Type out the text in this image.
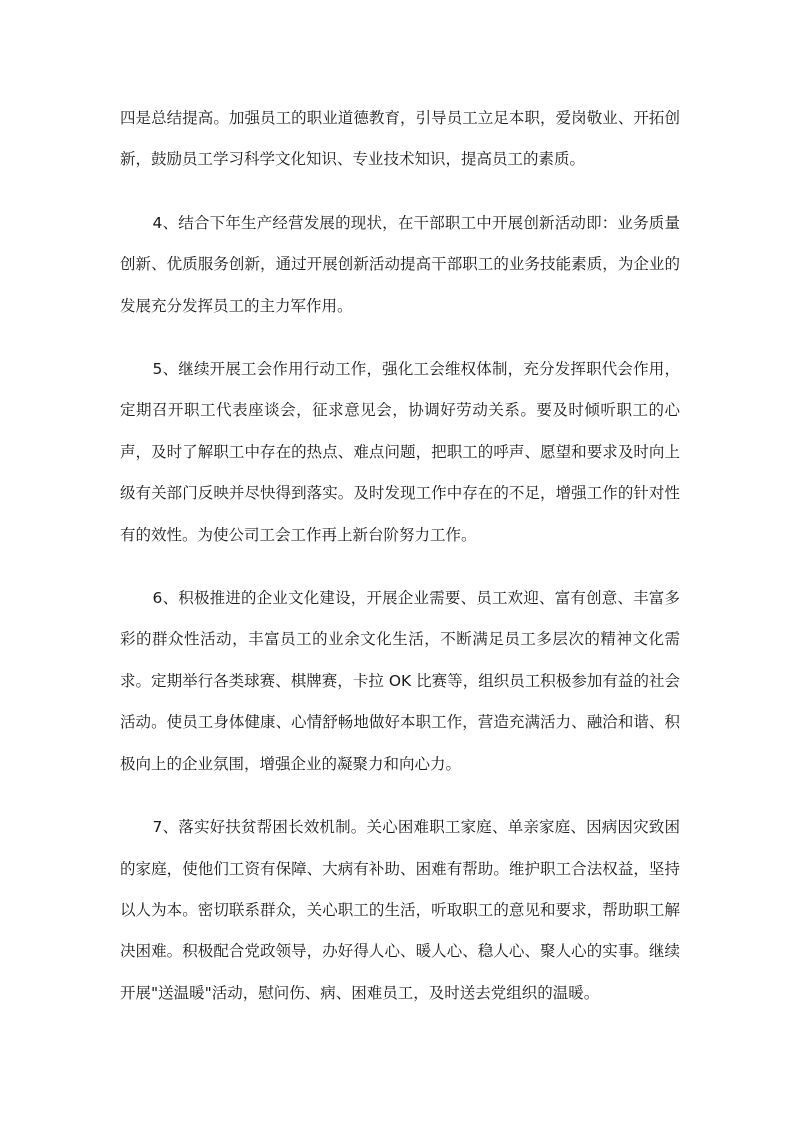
四是总结提高。加强员工的职业道德教育，引导员工立足本职，爱岗敬业、开拓创新，鼓励员工学习科学文化知识、专业技术知识，提高员工的素质。

4、结合下年生产经营发展的现状，在干部职工中开展创新活动即：业务质量创新、优质服务创新，通过开展创新活动提高干部职工的业务技能素质，为企业的发展充分发挥员工的主力军作用。

5、继续开展工会作用行动工作，强化工会维权体制，充分发挥职代会作用，定期召开职工代表座谈会，征求意见会，协调好劳动关系。要及时倾听职工的心声，及时了解职工中存在的热点、难点问题，把职工的呼声、愿望和要求及时向上级有关部门反映并尽快得到落实。及时发现工作中存在的不足，增强工作的针对性有的效性。为使公司工会工作再上新台阶努力工作。

6、积极推进的企业文化建设，开展企业需要、员工欢迎、富有创意、丰富多彩的群众性活动，丰富员工的业余文化生活，不断满足员工多层次的精神文化需求。定期举行各类球赛、棋牌赛，卡拉 OK 比赛等，组织员工积极参加有益的社会活动。使员工身体健康、心情舒畅地做好本职工作，营造充满活力、融洽和谐、积极向上的企业氛围，增强企业的凝聚力和向心力。

7、落实好扶贫帮困长效机制。关心困难职工家庭、单亲家庭、因病因灾致困的家庭，使他们工资有保障、大病有补助、困难有帮助。维护职工合法权益，坚持以人为本。密切联系群众，关心职工的生活，听取职工的意见和要求，帮助职工解决困难。积极配合党政领导，办好得人心、暖人心、稳人心、聚人心的实事。继续开展"送温暖"活动，慰问伤、病、困难员工，及时送去党组织的温暖。
